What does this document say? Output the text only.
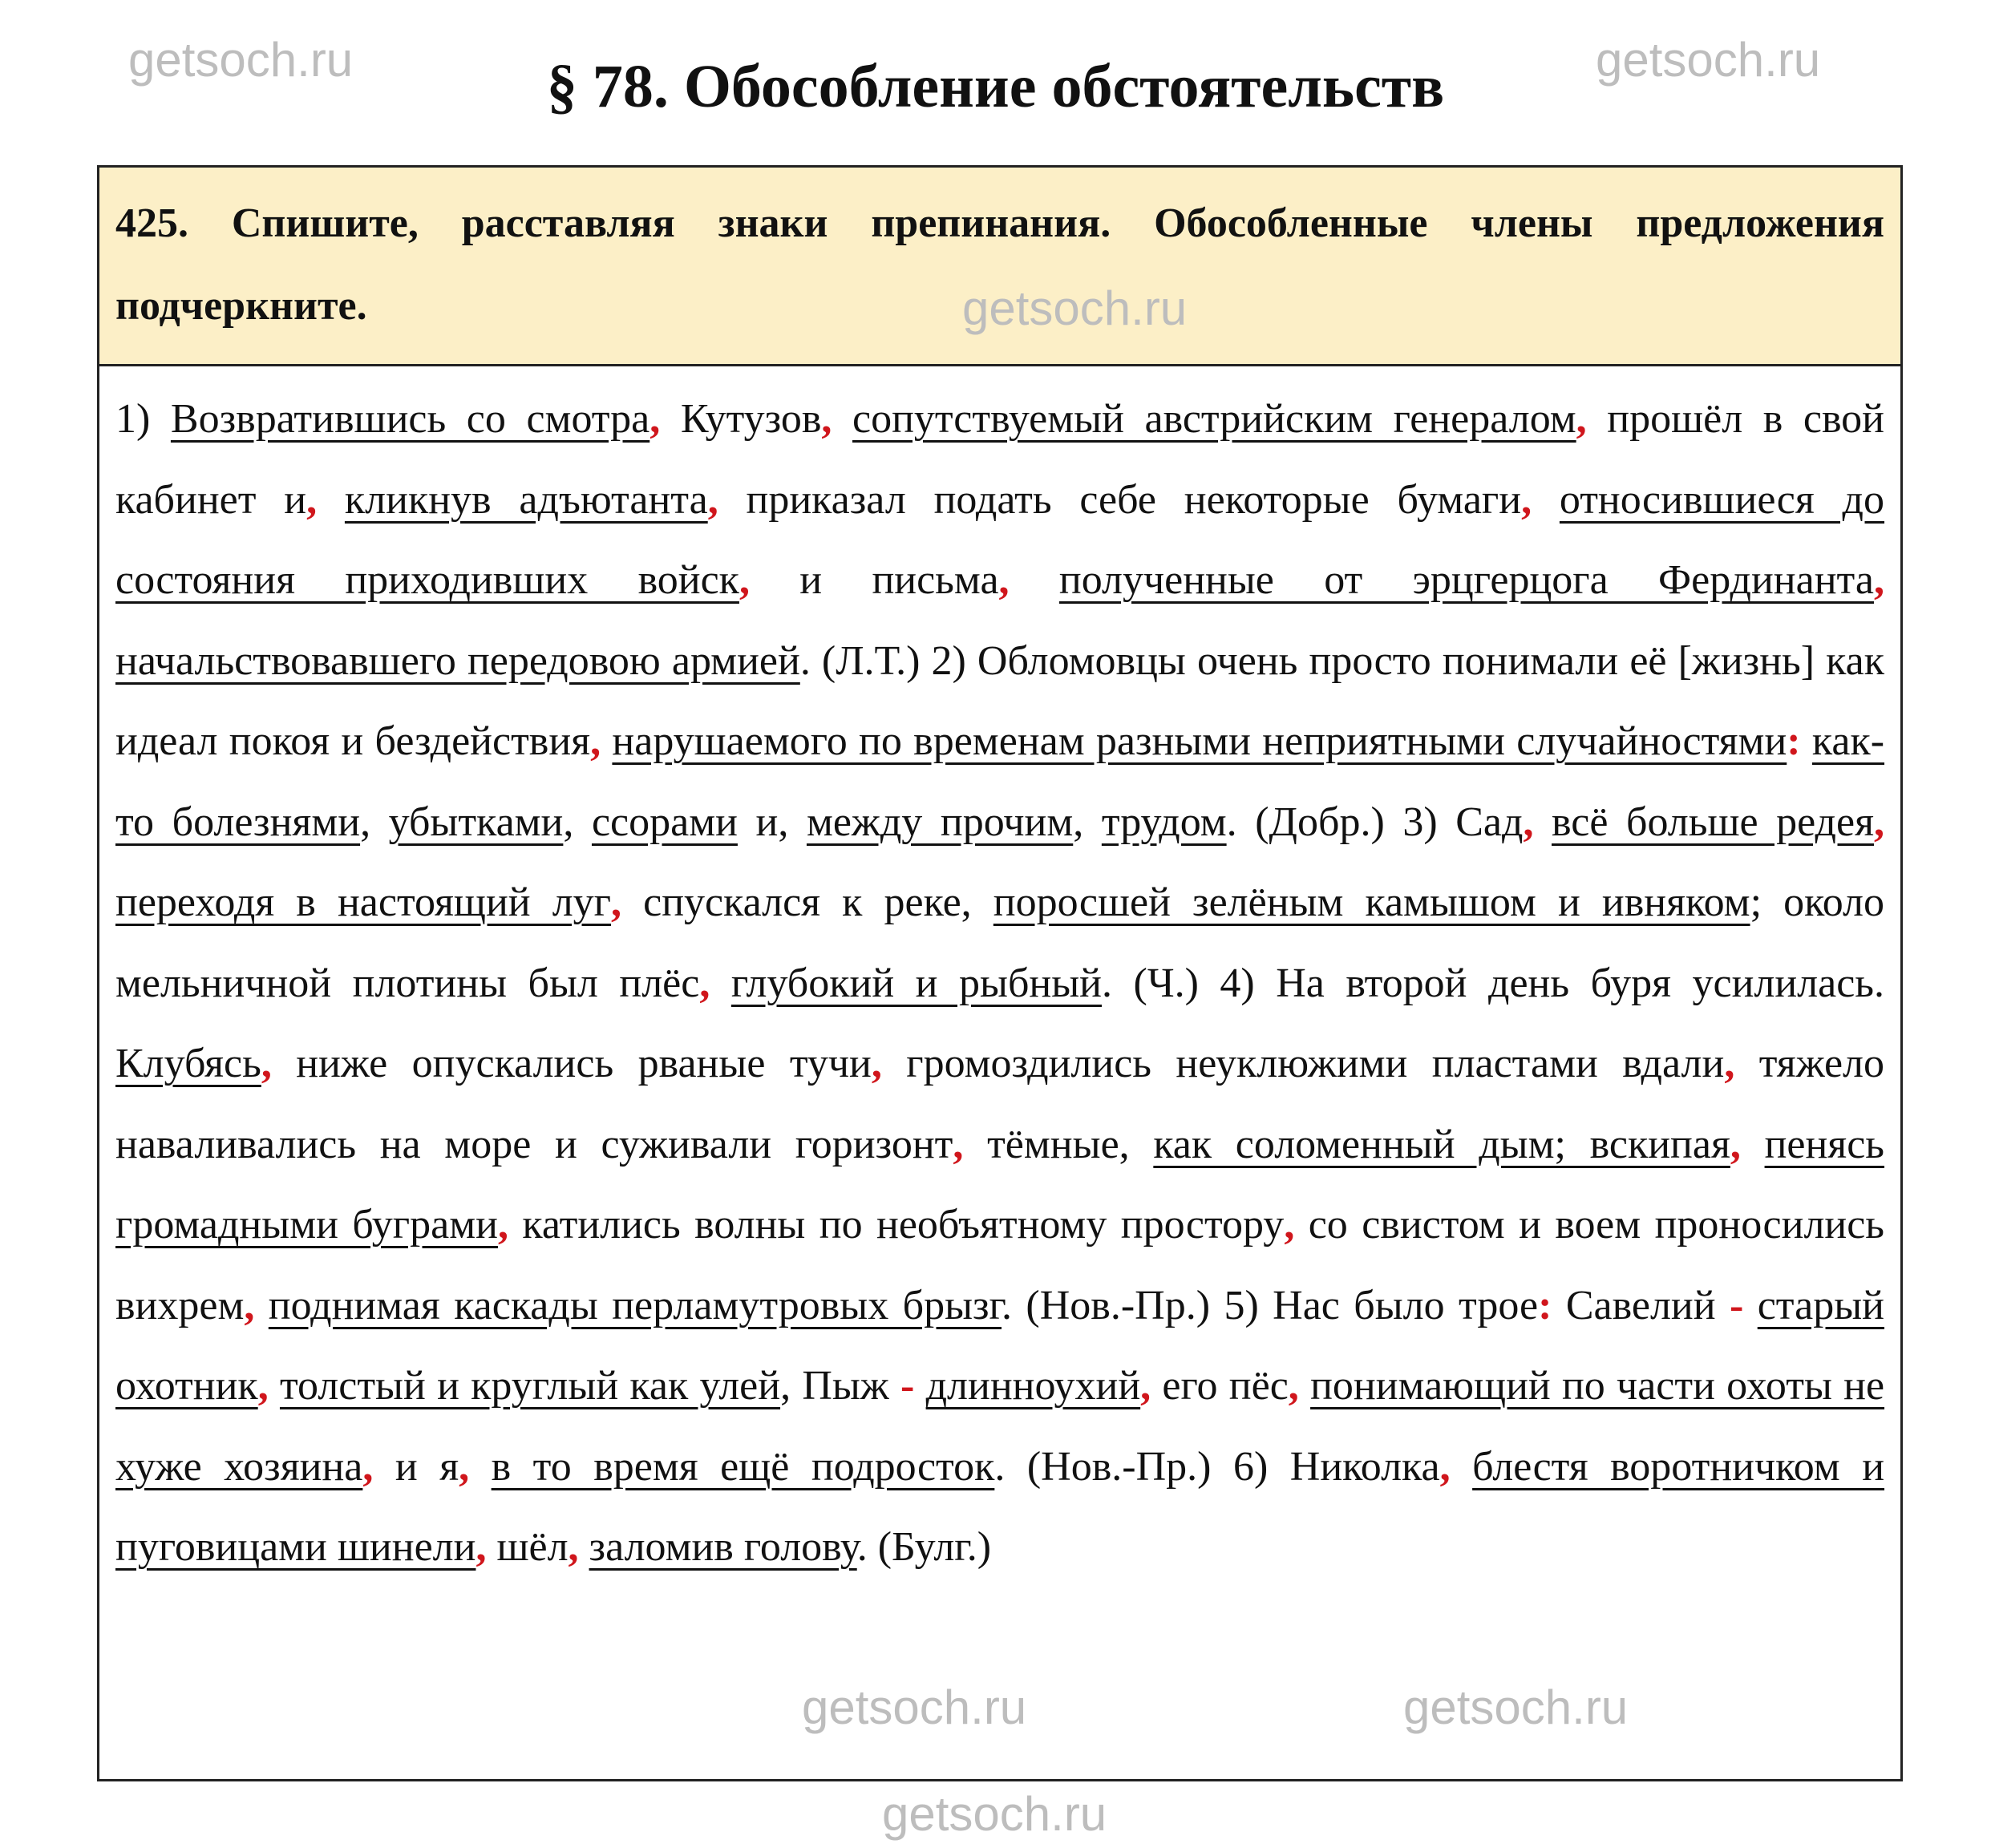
§ 78. Обособление обстоятельств
425. Спишите, расставляя знаки препинания. Обособленные члены предложения подчеркните.
1) Возвратившись со смотра, Кутузов, сопутствуемый австрийским генералом, прошёл в свой кабинет и, кликнув адъютанта, приказал подать себе некоторые бумаги, относившиеся до состояния приходивших войск, и письма, полученные от эрцгерцога Фердинанта, начальствовавшего передовою армией. (Л.Т.) 2) Обломовцы очень просто понимали её [жизнь] как идеал покоя и бездействия, нарушаемого по временам разными неприятными случайностями: как-то болезнями, убытками, ссорами и, между прочим, трудом. (Добр.) 3) Сад, всё больше редея, переходя в настоящий луг, спускался к реке, поросшей зелёным камышом и ивняком; около мельничной плотины был плёс, глубокий и рыбный. (Ч.) 4) На второй день буря усилилась. Клубясь, ниже опускались рваные тучи, громоздились неуклюжими пластами вдали, тяжело наваливались на море и суживали горизонт, тёмные, как соломенный дым; вскипая, пенясь громадными буграми, катились волны по необъятному простору, со свистом и воем проносились вихрем, поднимая каскады перламутровых брызг. (Нов.-Пр.) 5) Нас было трое: Савелий - старый охотник, толстый и круглый как улей, Пыж - длинноухий, его пёс, понимающий по части охоты не хуже хозяина, и я, в то время ещё подросток. (Нов.-Пр.) 6) Николка, блестя воротничком и пуговицами шинели, шёл, заломив голову. (Булг.)
getsoch.ru	getsoch.ru
getsoch.ru
getsoch.ru	getsoch.ru
getsoch.ru
